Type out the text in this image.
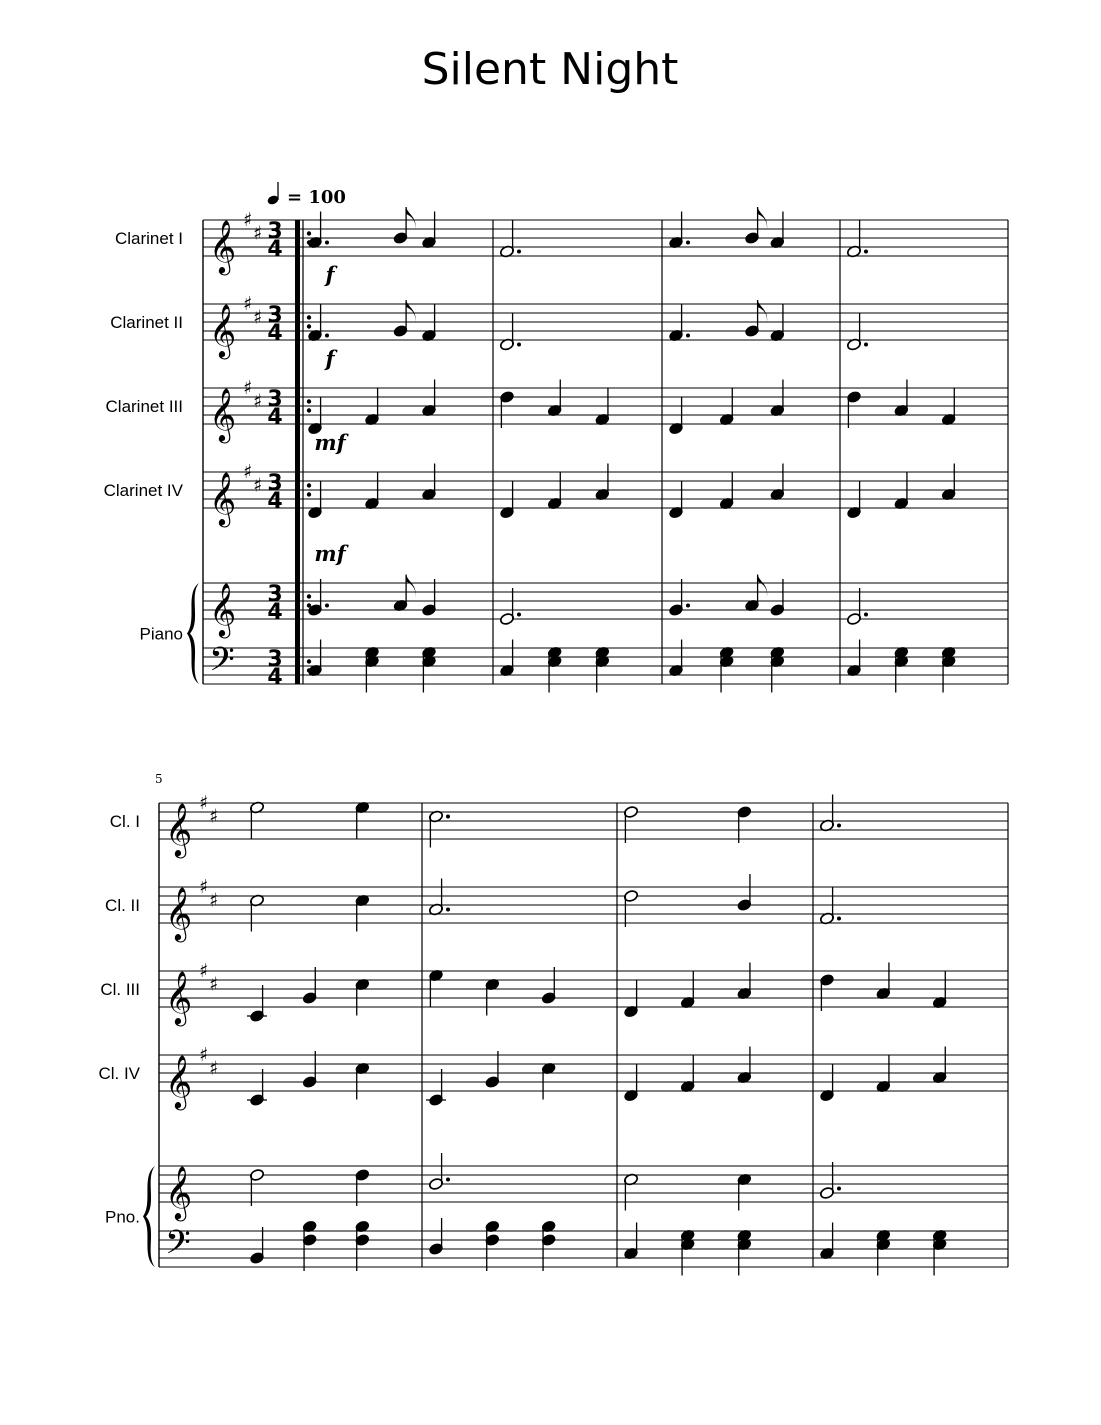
Silent Night
𝄞 ♯
♯ 3
4
Clarinet I
𝄞 ♯
♯ 3
4
Clarinet II
f
𝄞 ♯
♯ 3
4
Clarinet III
f
𝄞 ♯
♯ 3
4
Clarinet IV
mf
𝄞 3
4
Piano
mf
𝄢 3
4
= 100
𝄞 ♯
♯
Cl. I
𝄞 ♯
♯
Cl. II
𝄞 ♯
♯
Cl. III
𝄞 ♯
♯
Cl. IV
𝄞
Pno.
𝄢
5
